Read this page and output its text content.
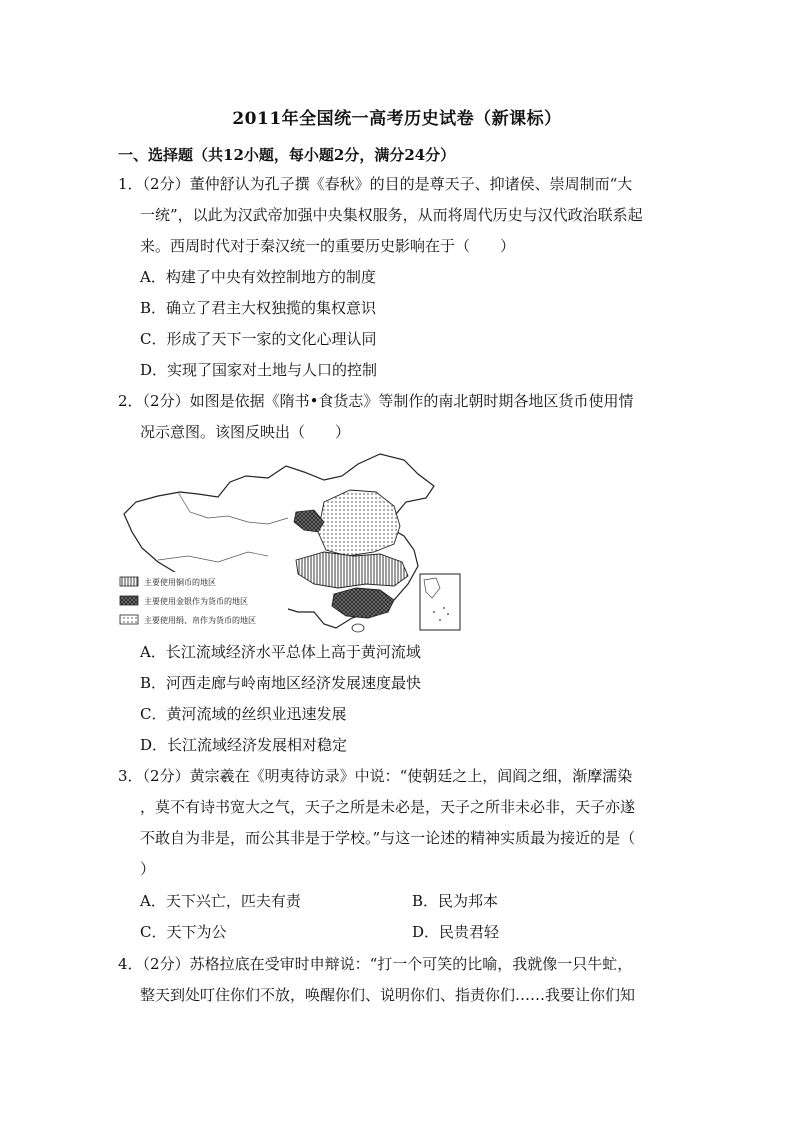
2011年全国统一高考历史试卷（新课标）
一、选择题（共12小题，每小题2分，满分24分）
1．（2分）董仲舒认为孔子撰《春秋》的目的是尊天子、抑诸侯、崇周制而“大
一统”，以此为汉武帝加强中央集权服务，从而将周代历史与汉代政治联系起
来。西周时代对于秦汉统一的重要历史影响在于（　　）
A．构建了中央有效控制地方的制度
B．确立了君主大权独揽的集权意识
C．形成了天下一家的文化心理认同
D．实现了国家对土地与人口的控制
2．（2分）如图是依据《隋书•食货志》等制作的南北朝时期各地区货币使用情
况示意图。该图反映出（　　）
主要使用铜币的地区
主要使用金银作为货币的地区
主要使用绢、帛作为货币的地区
A．长江流域经济水平总体上高于黄河流域
B．河西走廊与岭南地区经济发展速度最快
C．黄河流域的丝织业迅速发展
D．长江流域经济发展相对稳定
3．（2分）黄宗羲在《明夷待访录》中说：“使朝廷之上，闾阎之细，渐摩濡染
，莫不有诗书宽大之气，天子之所是未必是，天子之所非未必非，天子亦遂
不敢自为非是，而公其非是于学校。”与这一论述的精神实质最为接近的是（
）
A．天下兴亡，匹夫有责	B．民为邦本
C．天下为公	D．民贵君轻
4．（2分）苏格拉底在受审时申辩说：“打一个可笑的比喻，我就像一只牛虻，
整天到处叮住你们不放，唤醒你们、说明你们、指责你们……我要让你们知
